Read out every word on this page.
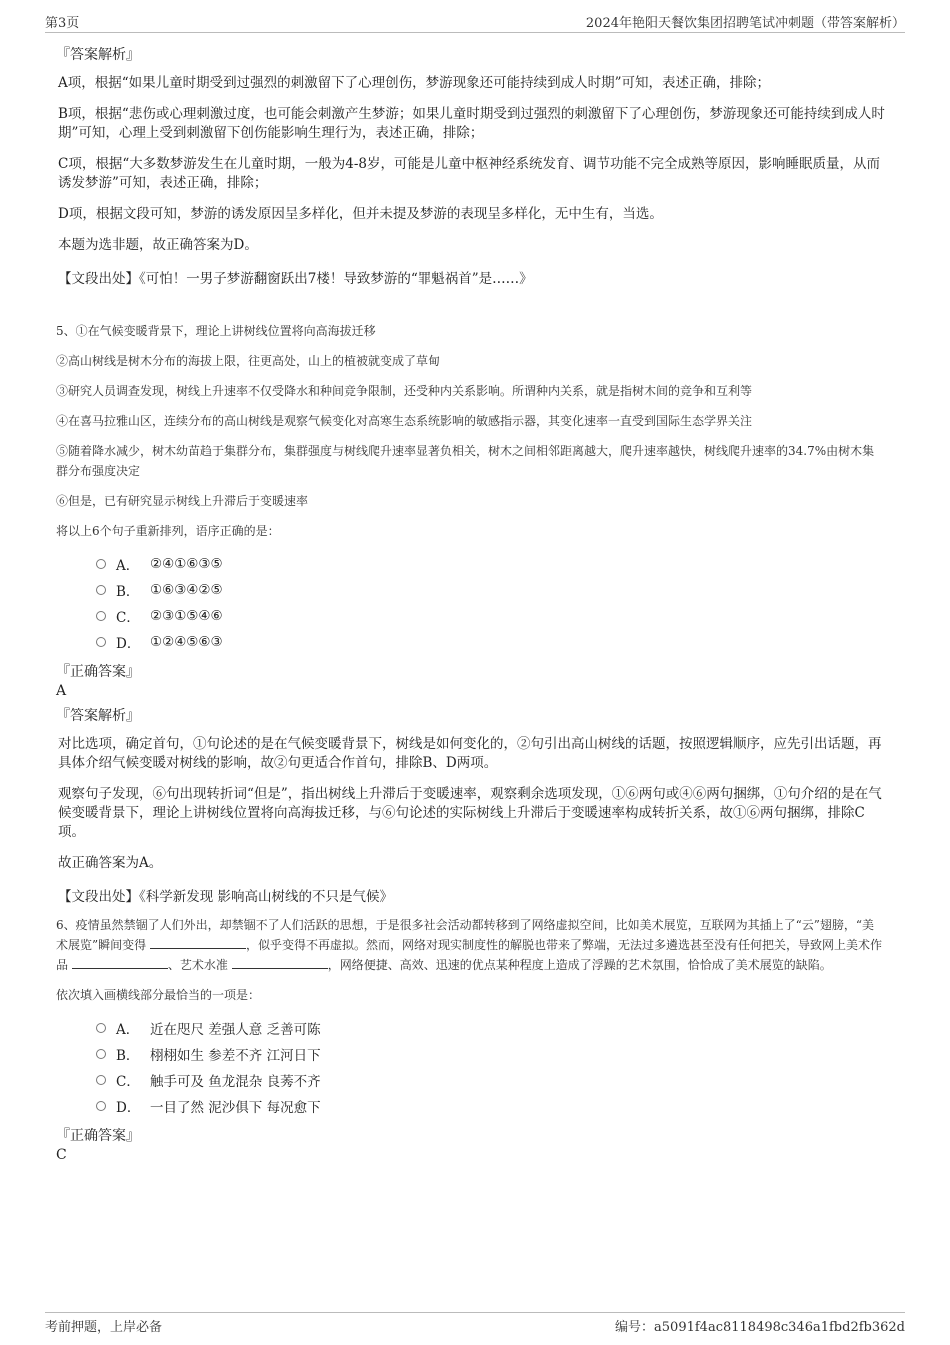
第3页	2024年艳阳天餐饮集团招聘笔试冲刺题（带答案解析）
『答案解析』

A项，根据“如果儿童时期受到过强烈的刺激留下了心理创伤，梦游现象还可能持续到成人时期”可知，表述正确，排除；

B项，根据“悲伤或心理刺激过度，也可能会刺激产生梦游；如果儿童时期受到过强烈的刺激留下了心理创伤，梦游现象还可能持续到成人时期”可知，心理上受到刺激留下创伤能影响生理行为，表述正确，排除；

C项，根据“大多数梦游发生在儿童时期，一般为4-8岁，可能是儿童中枢神经系统发育、调节功能不完全成熟等原因，影响睡眠质量，从而诱发梦游”可知，表述正确，排除；

D项，根据文段可知，梦游的诱发原因呈多样化，但并未提及梦游的表现呈多样化，无中生有，当选。

本题为选非题，故正确答案为D。

【文段出处】《可怕！一男子梦游翻窗跃出7楼！导致梦游的“罪魁祸首”是……》

5、①在气候变暖背景下，理论上讲树线位置将向高海拔迁移

②高山树线是树木分布的海拔上限，往更高处，山上的植被就变成了草甸

③研究人员调查发现，树线上升速率不仅受降水和种间竞争限制，还受种内关系影响。所谓种内关系，就是指树木间的竞争和互利等

④在喜马拉雅山区，连续分布的高山树线是观察气候变化对高寒生态系统影响的敏感指示器，其变化速率一直受到国际生态学界关注

⑤随着降水减少，树木幼苗趋于集群分布，集群强度与树线爬升速率显著负相关，树木之间相邻距离越大，爬升速率越快，树线爬升速率的34.7%由树木集群分布强度决定

⑥但是，已有研究显示树线上升滞后于变暖速率

将以上6个句子重新排列，语序正确的是：

A． ②④①⑥③⑤
B． ①⑥③④②⑤
C． ②③①⑤④⑥
D． ①②④⑤⑥③
『正确答案』
A
『答案解析』

对比选项，确定首句，①句论述的是在气候变暖背景下，树线是如何变化的，②句引出高山树线的话题，按照逻辑顺序，应先引出话题，再具体介绍气候变暖对树线的影响，故②句更适合作首句，排除B、D两项。

观察句子发现，⑥句出现转折词“但是”，指出树线上升滞后于变暖速率，观察剩余选项发现，①⑥两句或④⑥两句捆绑，①句介绍的是在气候变暖背景下，理论上讲树线位置将向高海拔迁移，与⑥句论述的实际树线上升滞后于变暖速率构成转折关系，故①⑥两句捆绑，排除C项。

故正确答案为A。

【文段出处】《科学新发现 影响高山树线的不只是气候》

6、疫情虽然禁锢了人们外出，却禁锢不了人们活跃的思想，于是很多社会活动都转移到了网络虚拟空间，比如美术展览，互联网为其插上了“云”翅膀，“美术展览”瞬间变得	，似乎变得不再虚拟。然而，网络对现实制度性的解脱也带来了弊端，无法过多遴选甚至没有任何把关，导致网上美术作品	、艺术水准	，网络便捷、高效、迅速的优点某种程度上造成了浮躁的艺术氛围，恰恰成了美术展览的缺陷。

依次填入画横线部分最恰当的一项是：

A． 近在咫尺 差强人意 乏善可陈
B． 栩栩如生 参差不齐 江河日下
C． 触手可及 鱼龙混杂 良莠不齐
D． 一目了然 泥沙俱下 每况愈下
『正确答案』
C
考前押题，上岸必备	编号：a5091f4ac8118498c346a1fbd2fb362d
